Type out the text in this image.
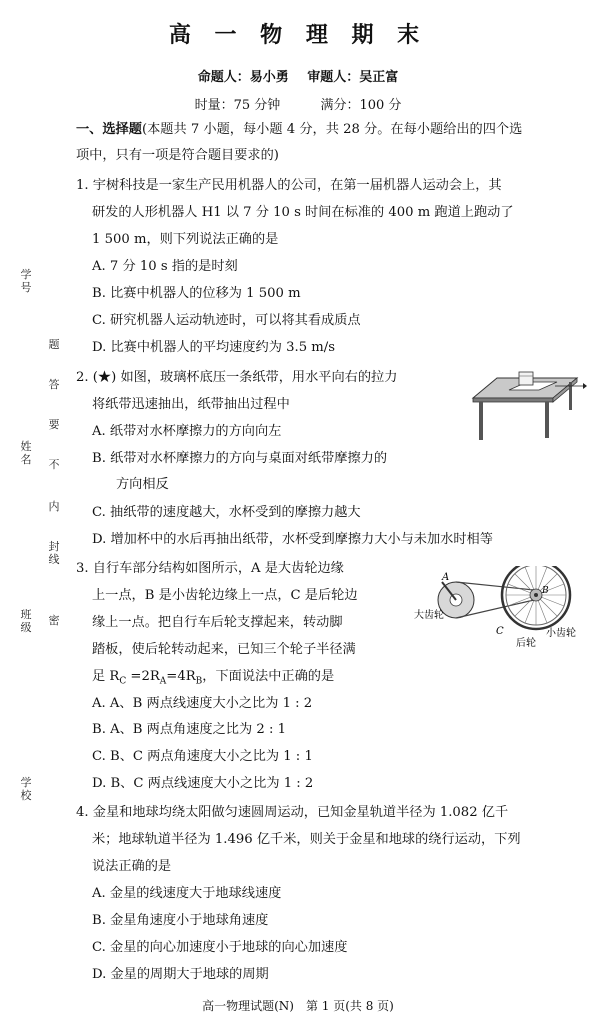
高 一 物 理 期 末
命题人：易小勇 审题人：吴正富
时量：75 分钟	满分：100 分
一、选择题(本题共 7 小题，每小题 4 分，共 28 分。在每小题给出的四个选
项中，只有一项是符合题目要求的)
1. 宇树科技是一家生产民用机器人的公司，在第一届机器人运动会上，其
研发的人形机器人 H1 以 7 分 10 s 时间在标准的 400 m 跑道上跑动了
1 500 m，则下列说法正确的是
A. 7 分 10 s 指的是时刻
B. 比赛中机器人的位移为 1 500 m
C. 研究机器人运动轨迹时，可以将其看成质点
D. 比赛中机器人的平均速度约为 3.5 m/s
2. (★) 如图，玻璃杯底压一条纸带，用水平向右的拉力
将纸带迅速抽出，纸带抽出过程中
A. 纸带对水杯摩擦力的方向向左
B. 纸带对水杯摩擦力的方向与桌面对纸带摩擦力的
方向相反
C. 抽纸带的速度越大，水杯受到的摩擦力越大
D. 增加杯中的水后再抽出纸带，水杯受到摩擦力大小与未加水时相等
3. 自行车部分结构如图所示，A 是大齿轮边缘
上一点，B 是小齿轮边缘上一点，C 是后轮边
缘上一点。把自行车后轮支撑起来，转动脚
踏板，使后轮转动起来，已知三个轮子半径满
足 $R_C =2R_A=4R_B$，下面说法中正确的是
A. A、B 两点线速度大小之比为 1 : 2
B. A、B 两点角速度之比为 2 : 1
C. B、C 两点角速度大小之比为 1 : 1
D. B、C 两点线速度大小之比为 1 : 2
A
B
C
大齿轮
小齿轮
后轮
4. 金星和地球均绕太阳做匀速圆周运动，已知金星轨道半径为 1.082 亿千
米；地球轨道半径为 1.496 亿千米，则关于金星和地球的绕行运动，下列
说法正确的是
A. 金星的线速度大于地球线速度
B. 金星角速度小于地球角速度
C. 金星的向心加速度小于地球的向心加速度
D. 金星的周期大于地球的周期
学号
姓名
班级
学校
题
答
要
不
内
封线
密
高一物理试题(N)　第 1 页(共 8 页)
